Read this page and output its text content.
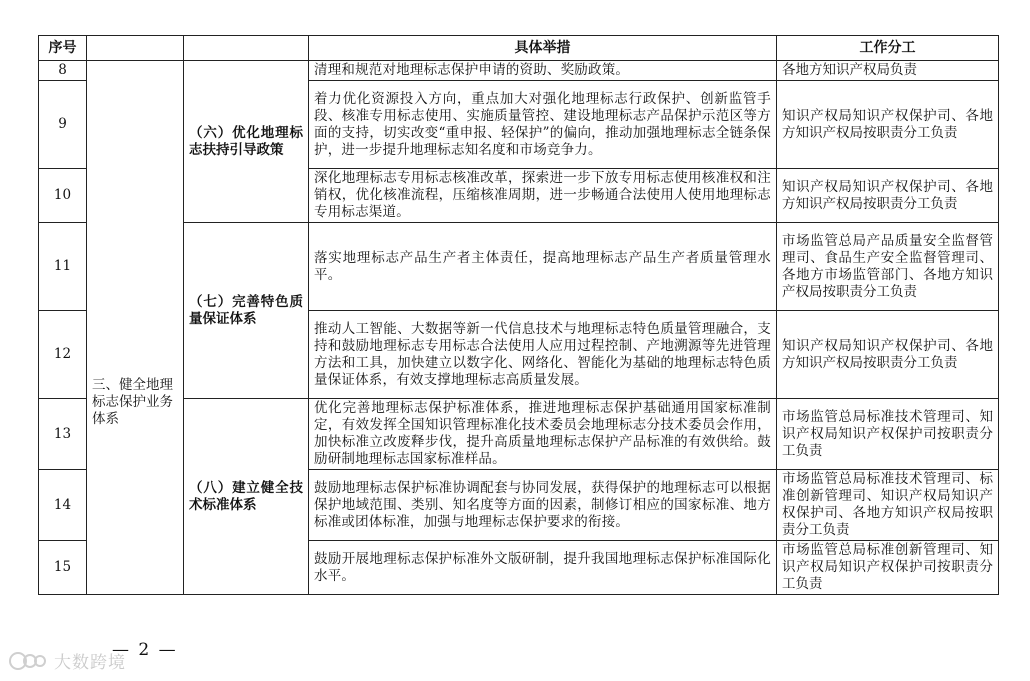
序号			具体举措	工作分工
8	三、健全地理标志保护业务体系	（六）优化地理标志扶持引导政策	清理和规范对地理标志保护申请的资助、奖励政策。	各地方知识产权局负责
9			着力优化资源投入方向，重点加大对强化地理标志行政保护、创新监管手段、核准专用标志使用、实施质量管控、建设地理标志产品保护示范区等方面的支持，切实改变“重申报、轻保护”的偏向，推动加强地理标志全链条保护，进一步提升地理标志知名度和市场竞争力。	知识产权局知识产权保护司、各地方知识产权局按职责分工负责
10			深化地理标志专用标志核准改革，探索进一步下放专用标志使用核准权和注销权，优化核准流程，压缩核准周期，进一步畅通合法使用人使用地理标志专用标志渠道。	知识产权局知识产权保护司、各地方知识产权局按职责分工负责
11		（七）完善特色质量保证体系	落实地理标志产品生产者主体责任，提高地理标志产品生产者质量管理水平。	市场监管总局产品质量安全监督管理司、食品生产安全监督管理司、各地方市场监管部门、各地方知识产权局按职责分工负责
12			推动人工智能、大数据等新一代信息技术与地理标志特色质量管理融合，支持和鼓励地理标志专用标志合法使用人应用过程控制、产地溯源等先进管理方法和工具，加快建立以数字化、网络化、智能化为基础的地理标志特色质量保证体系，有效支撑地理标志高质量发展。	知识产权局知识产权保护司、各地方知识产权局按职责分工负责
13		（八）建立健全技术标准体系	优化完善地理标志保护标准体系，推进地理标志保护基础通用国家标准制定，有效发挥全国知识管理标准化技术委员会地理标志分技术委员会作用，加快标准立改废释步伐，提升高质量地理标志保护产品标准的有效供给。鼓励研制地理标志国家标准样品。	市场监管总局标准技术管理司、知识产权局知识产权保护司按职责分工负责
14			鼓励地理标志保护标准协调配套与协同发展，获得保护的地理标志可以根据保护地域范围、类别、知名度等方面的因素，制修订相应的国家标准、地方标准或团体标准，加强与地理标志保护要求的衔接。	市场监管总局标准技术管理司、标准创新管理司、知识产权局知识产权保护司、各地方知识产权局按职责分工负责
15			鼓励开展地理标志保护标准外文版研制，提升我国地理标志保护标准国际化水平。	市场监管总局标准创新管理司、知识产权局知识产权保护司按职责分工负责
— 2 —
大数跨境
